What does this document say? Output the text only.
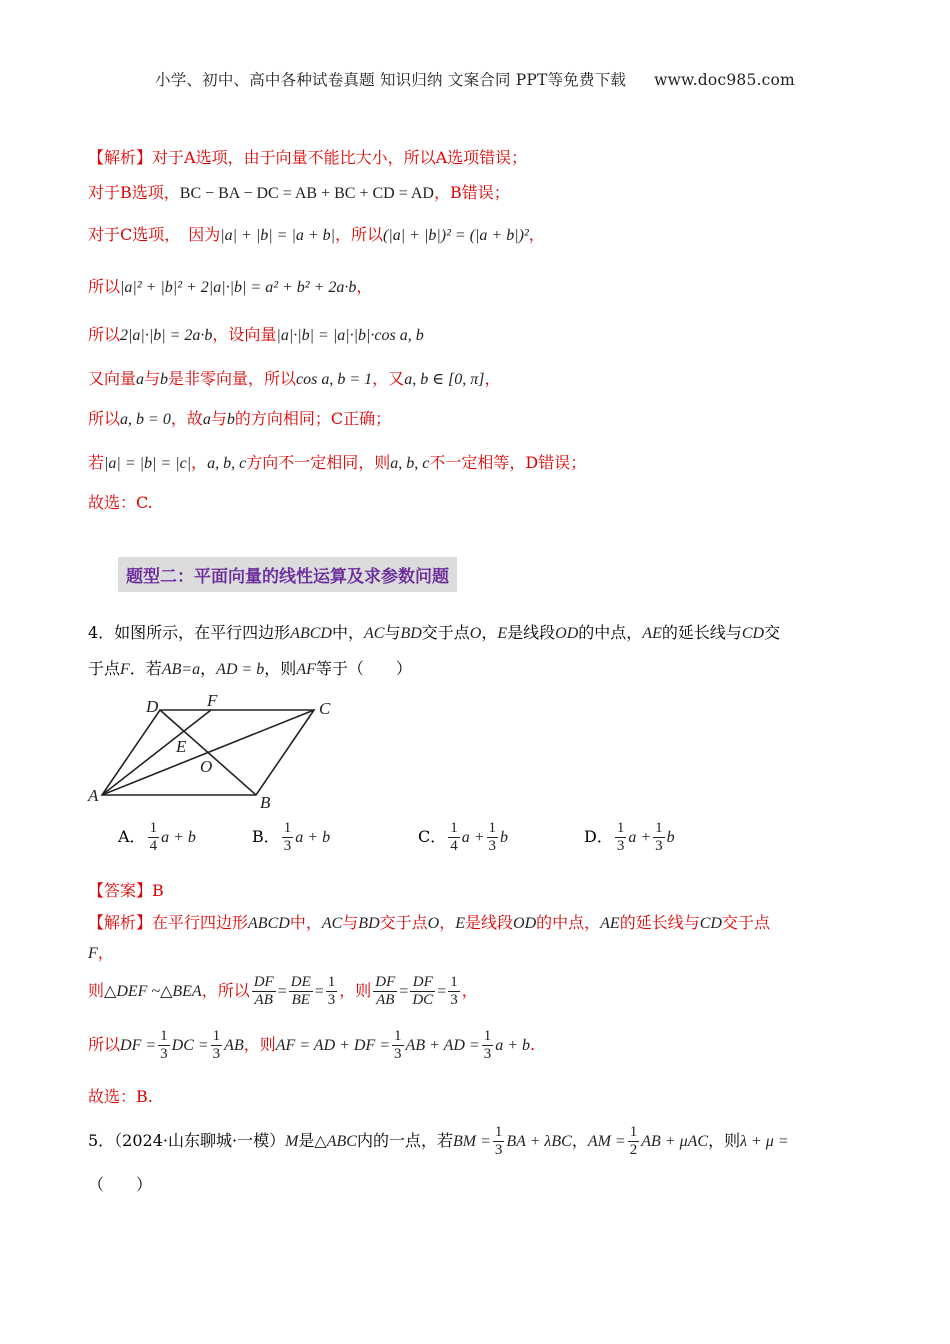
小学、初中、高中各种试卷真题 知识归纳 文案合同 PPT等免费下载 www.doc985.com
【解析】对于A选项，由于向量不能比大小，所以A选项错误；
对于B选项，BC − BA − DC = AB + BC + CD = AD，B错误；
对于C选项，　因为|a| + |b| = |a + b|，所以(|a| + |b|)² = (|a + b|)²，
所以|a|² + |b|² + 2|a|·|b| = a² + b² + 2a·b，
所以2|a|·|b| = 2a·b，设向量|a|·|b| = |a|·|b|·cos a, b
又向量a与b是非零向量，所以cos a, b = 1，又a, b ∈ [0, π]，
所以a, b = 0，故a与b的方向相同；C正确；
若|a| = |b| = |c|，a, b, c方向不一定相同，则a, b, c不一定相等，D错误；
故选：C.
题型二：平面向量的线性运算及求参数问题
4．如图所示，在平行四边形ABCD中，AC与BD交于点O，E是线段OD的中点，AE的延长线与CD交
于点F．若AB=a，AD = b，则AF等于（　　）
A	B
C
D
E
F
O
A． $\frac{1}{4}$ a + b	B． $\frac{1}{3}$ a + b	C． $\frac{1}{4}$ $a + \frac{1}{3}$ b	D． $\frac{1}{3}$ $a + \frac{1}{3}$ b
【答案】B
【解析】在平行四边形ABCD中，AC与BD交于点O，E是线段OD的中点，AE的延长线与CD交于点
F，
则△DEF ~△BEA，所以 $\frac{DF}{AB} = \frac{DE}{BE} = \frac{1}{3}$ ，则 $\frac{DF}{AB} = \frac{DF}{DC} = \frac{1}{3}$ ，
所以DF = $\frac{1}{3}$ DC = $\frac{1}{3}$ AB，则AF = AD + DF = $\frac{1}{3}$ AB + AD = $\frac{1}{3}$ a + b.
故选：B.
5．（2024·山东聊城·一模）M是△ABC内的一点，若BM = $\frac{1}{3}$ BA + λBC，AM = $\frac{1}{2}$ AB + μAC，则λ + μ =
（　　）
